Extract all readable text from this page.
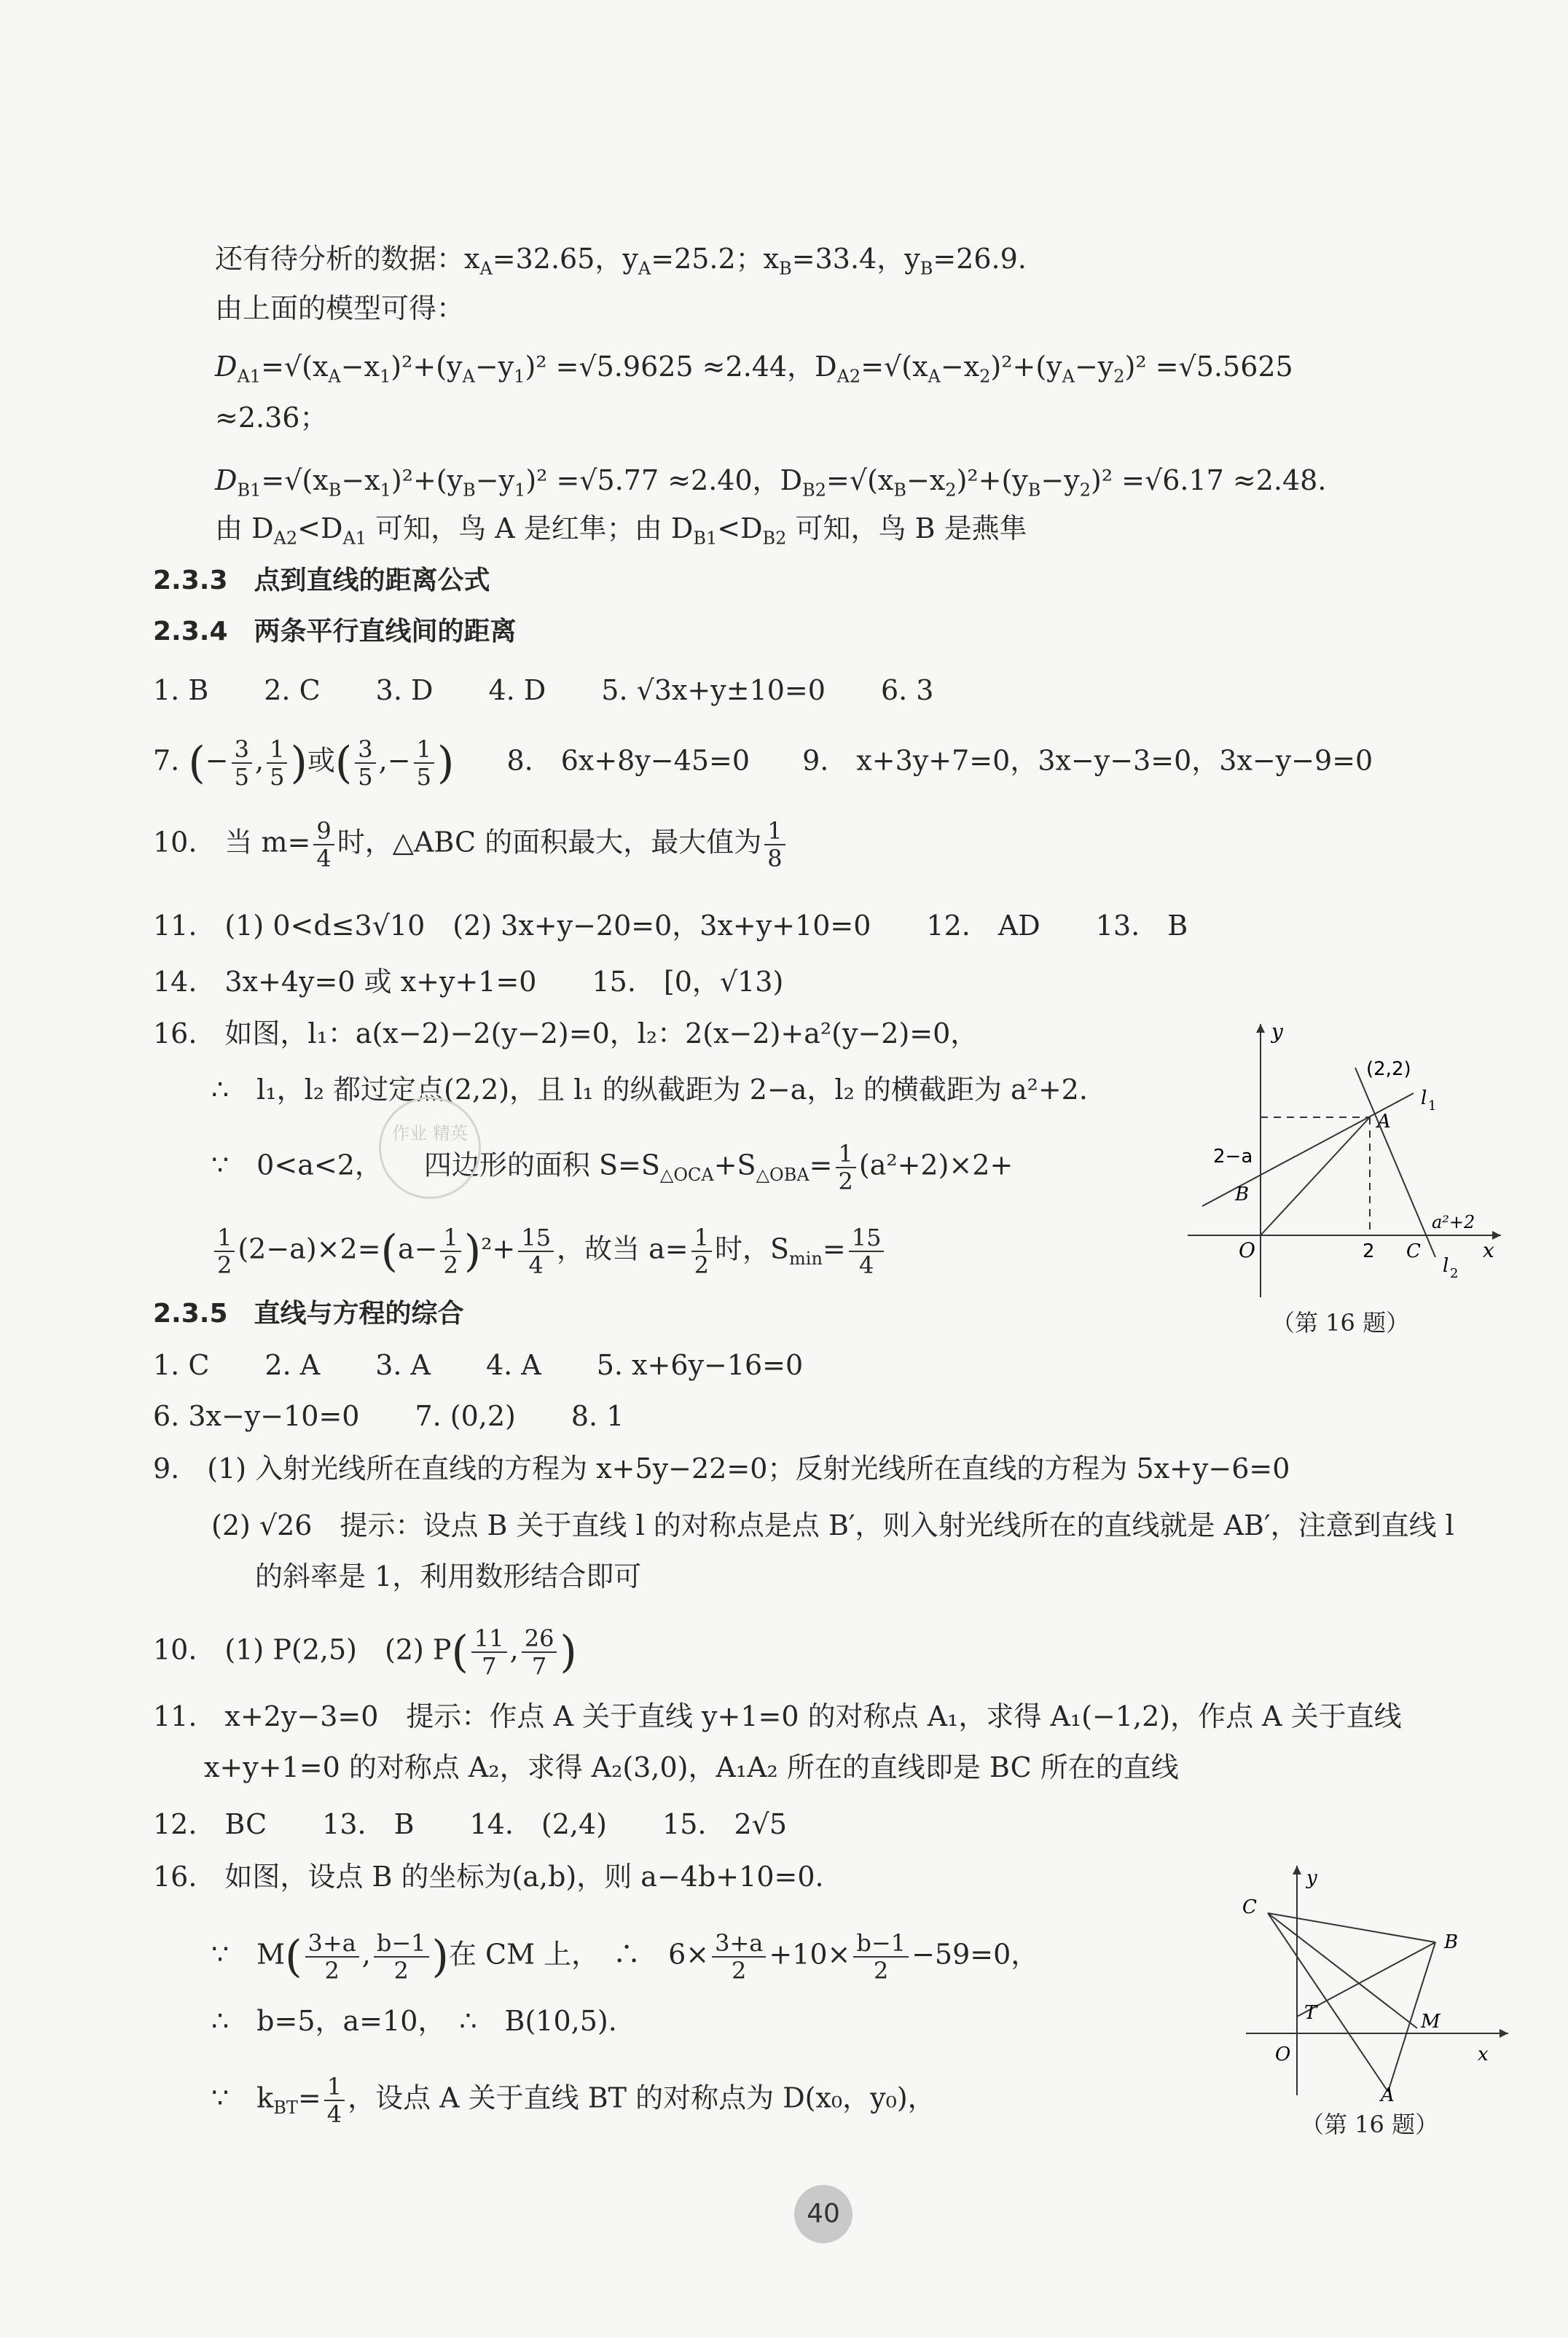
还有待分析的数据：$x_A=32.65$，$y_A=25.2$；$x_B=33.4$，$y_B=26.9$.
由上面的模型可得：
$D_{A1}=√(x_A-x_1)^2+(y_A-y_1)^2 =√5.9625 \approx 2.44$，$D_{A2}=√(x_A-x_2)^2+(y_A-y_2)^2 =√5.5625$
≈2.36；
$D_{B1}=√(x_B-x_1)^2+(y_B-y_1)^2 =√5.77 \approx 2.40$，$D_{B2}=√(x_B-x_2)^2+(y_B-y_2)^2 =√6.17 \approx 2.48$.
由 $D_{A2}<D_{A1}$ 可知，鸟 A 是红隼；由 $D_{B1}<D_{B2}$ 可知，鸟 B 是燕隼
2.3.3　点到直线的距离公式
2.3.4　两条平行直线间的距离
1. B　　2. C　　3. D　　4. D　　5. √3x+y±10=0　　6. 3
7. (− $\frac{3}{5}$ , $\frac{1}{5}$ )或( $\frac{3}{5}$ ,− $\frac{1}{5}$ ) 8.　6x+8y−45=0 9.　x+3y+7=0，3x−y−3=0，3x−y−9=0
10.　当 $m= \frac{9}{4}$ 时，△ABC 的面积最大，最大值为 $\frac{1}{8}$
11.　(1) 0<d≤3√10　(2) 3x+y−20=0，3x+y+10=0　　12.　AD　　13.　B
14.　3x+4y=0 或 x+y+1=0　　15.　[0，√13)
16.　如图，l₁：a(x−2)−2(y−2)=0，l₂：2(x−2)+a²(y−2)=0，
∴　l₁，l₂ 都过定点(2,2)，且 l₁ 的纵截距为 2−a，l₂ 的横截距为 a²+2.
∵　0<a<2，　　四边形的面积 $S=S_{\triangle OCA}+S_{\triangle OBA}= \frac{1}{2} (a^2+2)\times 2+$
$\frac{1}{2} (2-a)\times 2=(a- \frac{1}{2} )^2+ \frac{15}{4}$ ，故当 $a= \frac{1}{2}$ 时，$S_{min}= \frac{15}{4}$
作业 精英
y
x
O
(2,2)
l 1
A
2−a
B
2 C
a²+2
l 2
（第 16 题）
2.3.5　直线与方程的综合
1. C　　2. A　　3. A　　4. A　　5. x+6y−16=0
6. 3x−y−10=0　　7. (0,2)　　8. 1
9.　(1) 入射光线所在直线的方程为 x+5y−22=0；反射光线所在直线的方程为 5x+y−6=0
(2) √26　提示：设点 B 关于直线 l 的对称点是点 B′，则入射光线所在的直线就是 AB′，注意到直线 l
的斜率是 1，利用数形结合即可
10.　(1) P(2,5)　(2) $P( \frac{11}{7}$ , $\frac{26}{7}$ )
11.　x+2y−3=0　提示：作点 A 关于直线 y+1=0 的对称点 A₁，求得 A₁(−1,2)，作点 A 关于直线
x+y+1=0 的对称点 A₂，求得 A₂(3,0)，A₁A₂ 所在的直线即是 BC 所在的直线
12.　BC　　13.　B　　14.　(2,4)　　15.　2√5
16.　如图，设点 B 的坐标为(a,b)，则 a−4b+10=0.
∵　$M( \frac{3+a}{2}$ , $\frac{b-1}{2}$ )在 CM 上，　∴　$6\times \frac{3+a}{2} +10\times \frac{b-1}{2} -59=0$，
∴　b=5，a=10，　∴　B(10,5).
∵　$k_{BT}= \frac{1}{4}$ ，设点 A 关于直线 BT 的对称点为 D(x₀，y₀)，
y
x
O
C
B
T	M
A
（第 16 题）
40
